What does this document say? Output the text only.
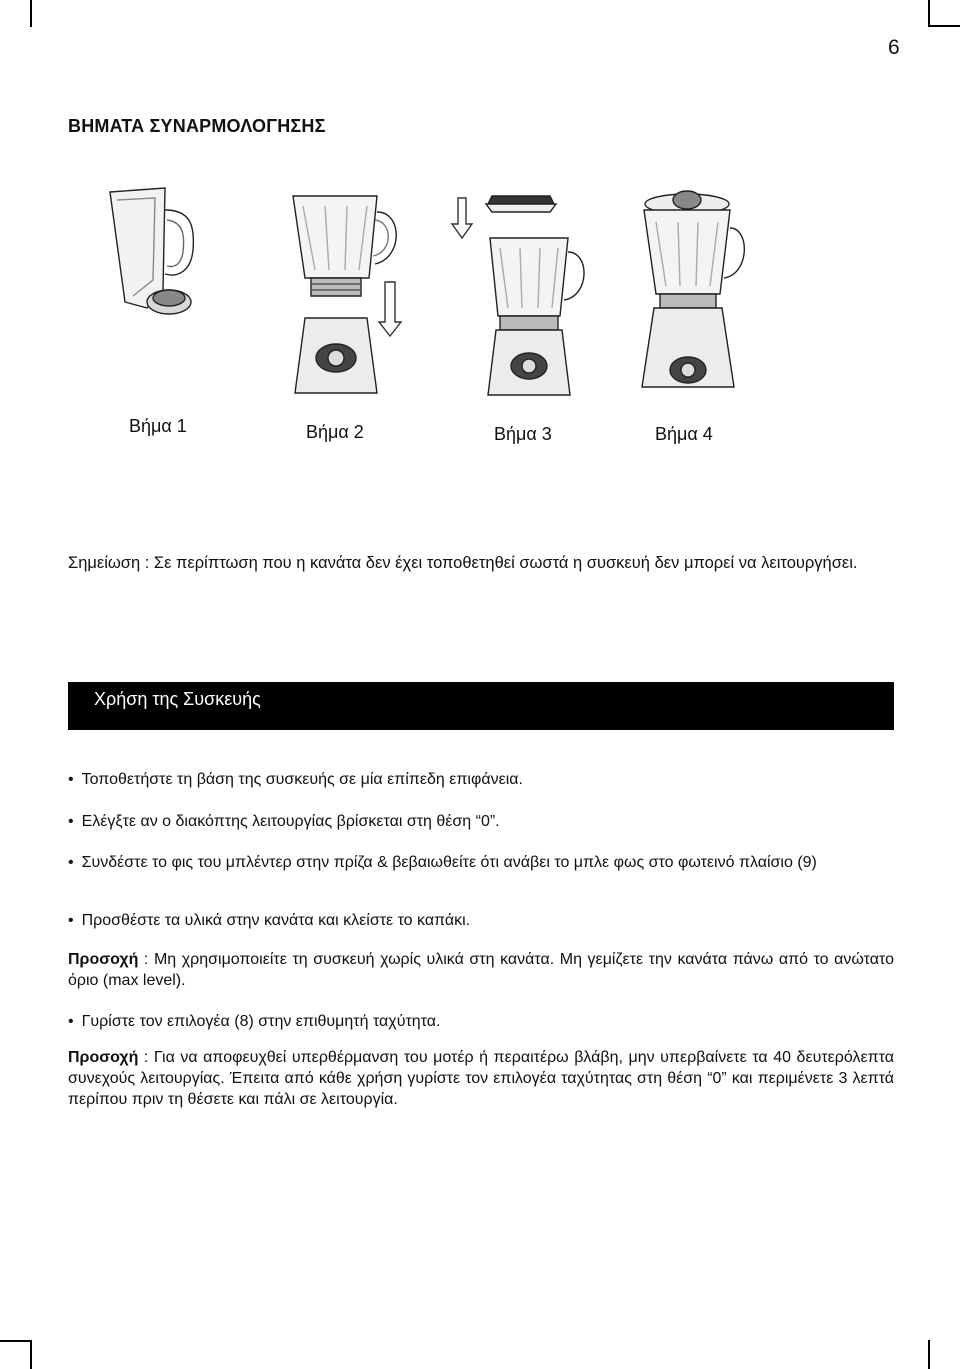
6
ΒΗΜΑΤΑ ΣΥΝΑΡΜΟΛΟΓΗΣΗΣ
Βήμα 1	Βήμα 2	Βήμα 3	Βήμα 4
Σημείωση : Σε περίπτωση που η κανάτα δεν έχει τοποθετηθεί σωστά η συσκευή δεν μπορεί να λειτουργήσει.
Χρήση της Συσκευής
• Τοποθετήστε τη βάση της συσκευής σε μία επίπεδη επιφάνεια.
• Ελέγξτε αν ο διακόπτης λειτουργίας βρίσκεται στη θέση “0”.
• Συνδέστε το φις του μπλέντερ στην πρίζα & βεβαιωθείτε ότι ανάβει το μπλε φως στο φωτεινό πλαίσιο (9)
• Προσθέστε τα υλικά στην κανάτα και κλείστε το καπάκι.
Προσοχή : Μη χρησιμοποιείτε τη συσκευή χωρίς υλικά στη κανάτα. Μη γεμίζετε την κανάτα πάνω από το ανώτατο όριο (max level).
• Γυρίστε τον επιλογέα (8) στην επιθυμητή ταχύτητα.
Προσοχή : Για να αποφευχθεί υπερθέρμανση του μοτέρ ή περαιτέρω βλάβη, μην υπερβαίνετε τα 40 δευτερόλεπτα συνεχούς λειτουργίας. Έπειτα από κάθε χρήση γυρίστε τον επιλογέα ταχύτητας στη θέση “0” και περιμένετε 3 λεπτά περίπου πριν τη θέσετε και πάλι σε λειτουργία.
